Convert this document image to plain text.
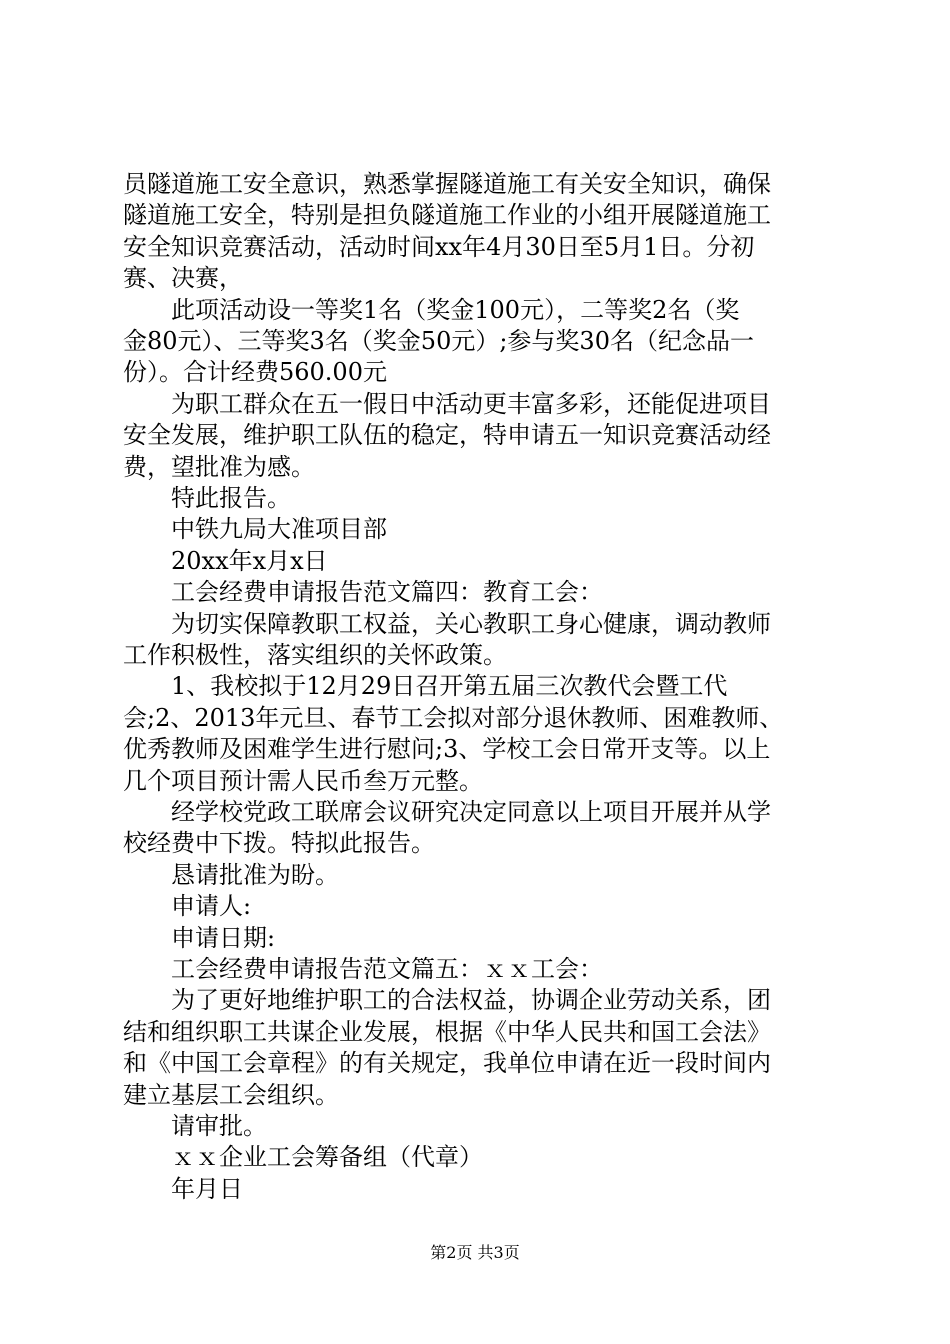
员隧道施工安全意识，熟悉掌握隧道施工有关安全知识，确保
隧道施工安全，特别是担负隧道施工作业的小组开展隧道施工
安全知识竞赛活动，活动时间xx年4月30日至5月1日。分初
赛、决赛，
此项活动设一等奖1名（奖金100元），二等奖2名（奖
金80元）、三等奖3名（奖金50元）;参与奖30名（纪念品一
份）。合计经费560.00元
为职工群众在五一假日中活动更丰富多彩，还能促进项目
安全发展，维护职工队伍的稳定，特申请五一知识竞赛活动经
费，望批准为感。
特此报告。
中铁九局大准项目部
20xx年x月x日
工会经费申请报告范文篇四：教育工会：
为切实保障教职工权益，关心教职工身心健康，调动教师
工作积极性，落实组织的关怀政策。
1、我校拟于12月29日召开第五届三次教代会暨工代
会;2、2013年元旦、春节工会拟对部分退休教师、困难教师、
优秀教师及困难学生进行慰问;3、学校工会日常开支等。以上
几个项目预计需人民币叁万元整。
经学校党政工联席会议研究决定同意以上项目开展并从学
校经费中下拨。特拟此报告。
恳请批准为盼。
申请人:
申请日期:
工会经费申请报告范文篇五：ｘｘ工会：
为了更好地维护职工的合法权益，协调企业劳动关系，团
结和组织职工共谋企业发展，根据《中华人民共和国工会法》
和《中国工会章程》的有关规定，我单位申请在近一段时间内
建立基层工会组织。
请审批。
ｘｘ企业工会筹备组（代章）
年月日
第2页 共3页
